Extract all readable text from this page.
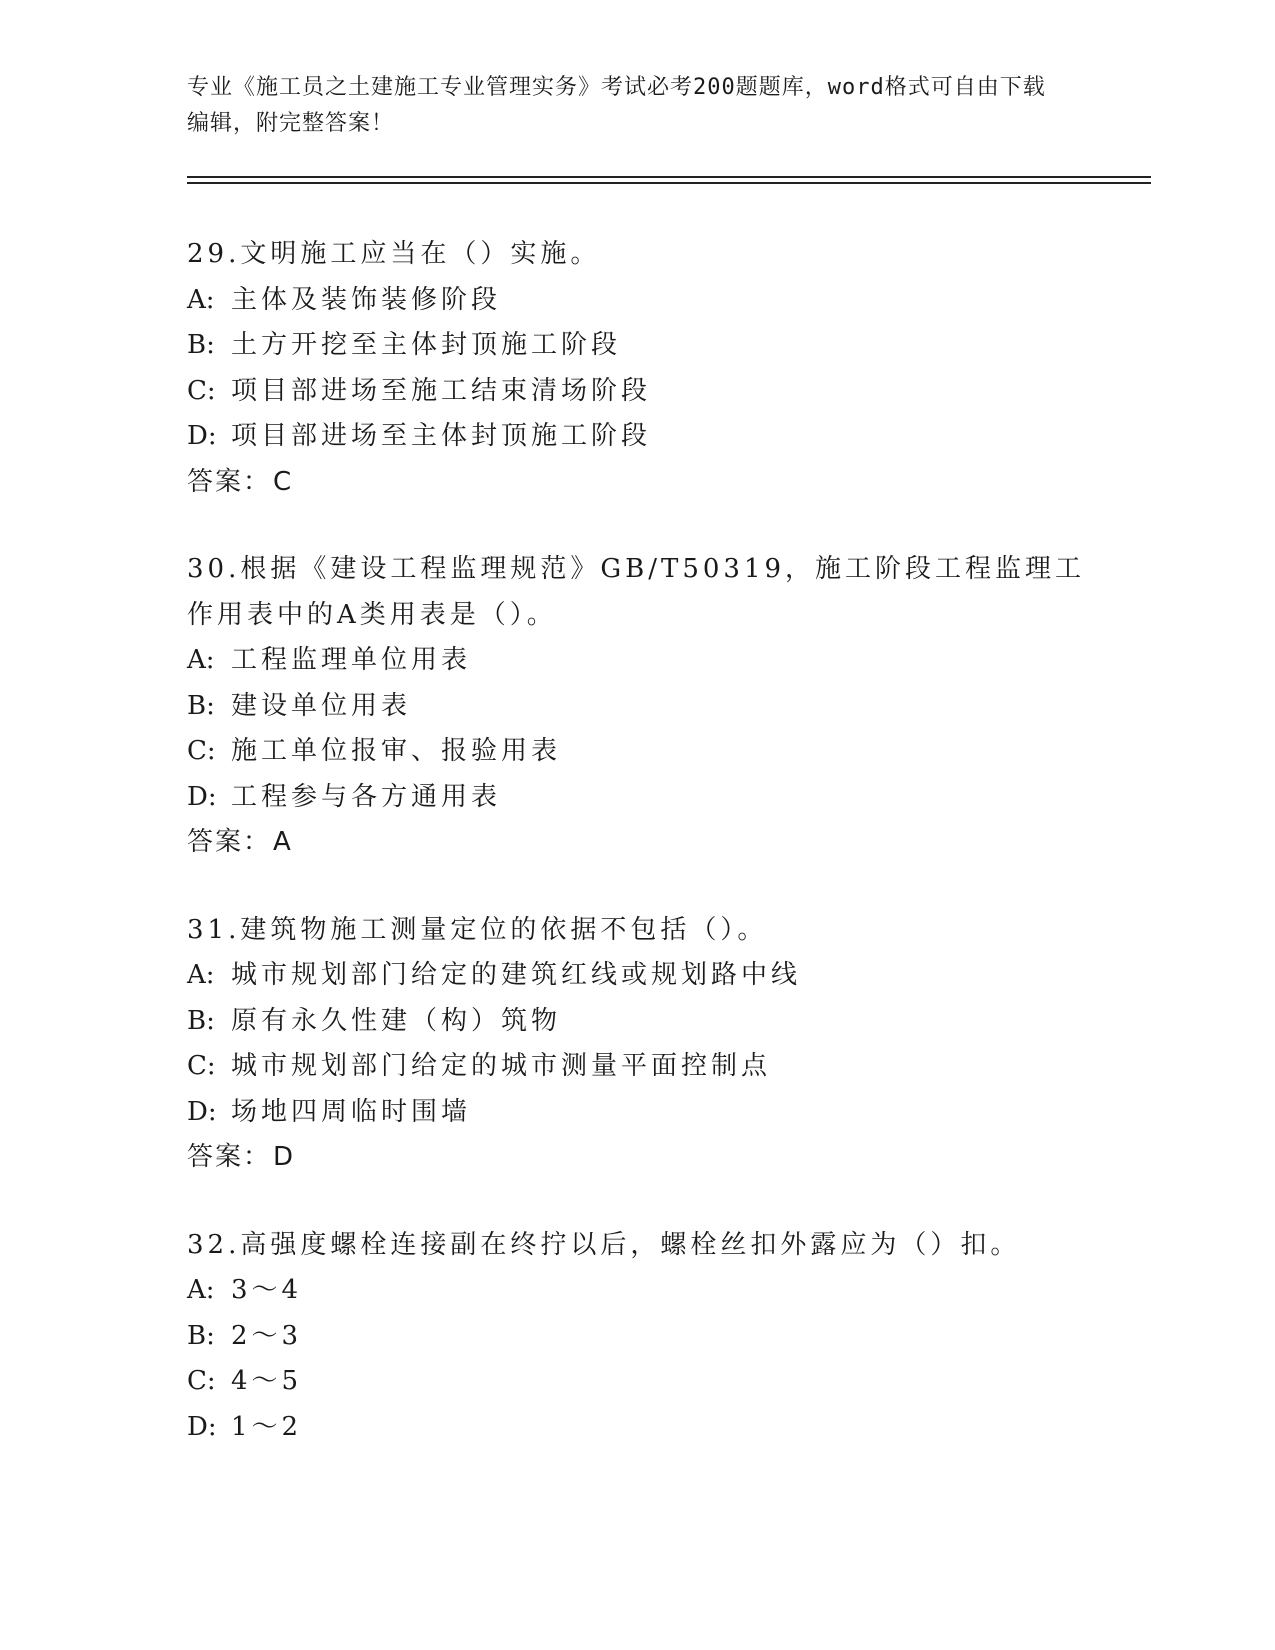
专业《施工员之土建施工专业管理实务》考试必考200题题库，word格式可自由下载编辑，附完整答案！
29.文明施工应当在（）实施。
A: 主体及装饰装修阶段
B: 土方开挖至主体封顶施工阶段
C: 项目部进场至施工结束清场阶段
D: 项目部进场至主体封顶施工阶段
答案：C
30.根据《建设工程监理规范》GB/T50319，施工阶段工程监理工作用表中的A类用表是（）。
A: 工程监理单位用表
B: 建设单位用表
C: 施工单位报审、报验用表
D: 工程参与各方通用表
答案：A
31.建筑物施工测量定位的依据不包括（）。
A: 城市规划部门给定的建筑红线或规划路中线
B: 原有永久性建（构）筑物
C: 城市规划部门给定的城市测量平面控制点
D: 场地四周临时围墙
答案：D
32.高强度螺栓连接副在终拧以后，螺栓丝扣外露应为（）扣。
A: 3～4
B: 2～3
C: 4～5
D: 1～2
